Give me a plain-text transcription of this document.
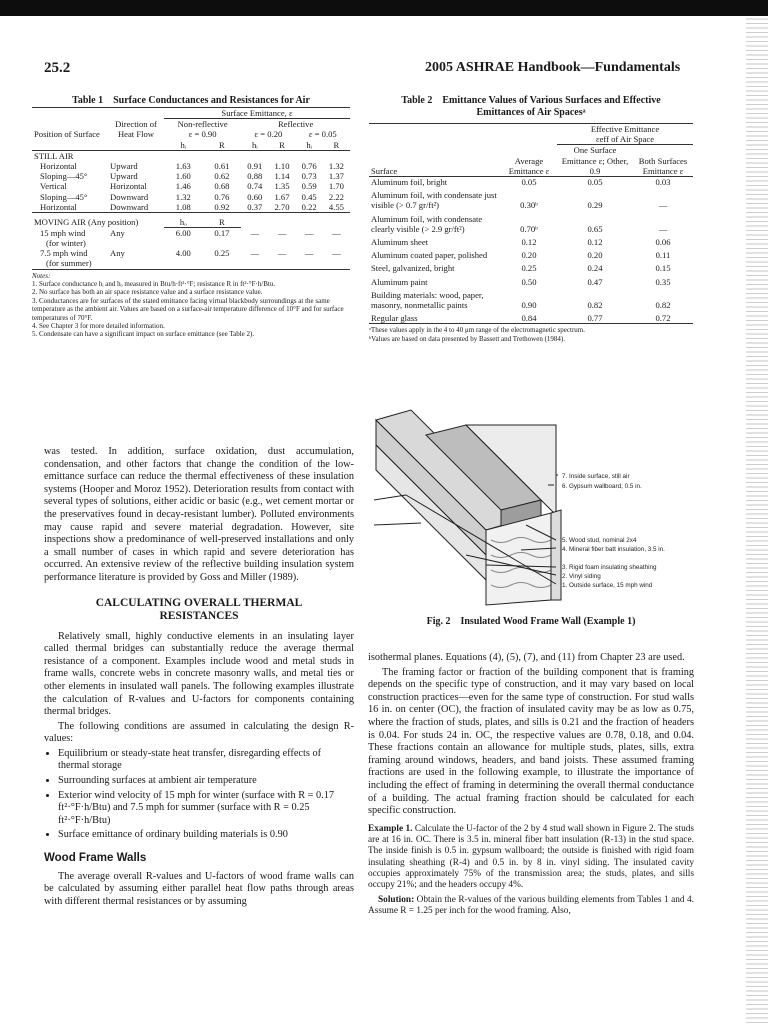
25.2	2005 ASHRAE Handbook—Fundamentals
Table 1 Surface Conductances and Resistances for Air
		Surface Emittance, ε					
Position of Surface	Direction of Heat Flow	Non-reflective		Reflective			
		ε = 0.90		ε = 0.20		ε = 0.05	
		hᵢ	R	hᵢ	R	hᵢ	R
STILL AIR							
Horizontal	Upward	1.63	0.61	0.91	1.10	0.76	1.32
Sloping—45°	Upward	1.60	0.62	0.88	1.14	0.73	1.37
Vertical	Horizontal	1.46	0.68	0.74	1.35	0.59	1.70
Sloping—45°	Downward	1.32	0.76	0.60	1.67	0.45	2.22
Horizontal	Downward	1.08	0.92	0.37	2.70	0.22	4.55
MOVING AIR (Any position)		hₒ	R				
15 mph wind	Any	6.00	0.17	—	—	—	—
(for winter)							
7.5 mph wind	Any	4.00	0.25	—	—	—	—
(for summer)							
Notes:
1. Surface conductance hᵢ and hₒ measured in Btu/h·ft²·°F; resistance R in ft²·°F·h/Btu.
2. No surface has both an air space resistance value and a surface resistance value.
3. Conductances are for surfaces of the stated emittance facing virtual blackbody surroundings at the same temperature as the ambient air. Values are based on a surface-air temperature difference of 10°F and for surface temperatures of 70°F.
4. See Chapter 3 for more detailed information.
5. Condensate can have a significant impact on surface emittance (see Table 2).
Table 2 Emittance Values of Various Surfaces and Effective
Emittances of Air Spacesᵃ

		Effective Emittance
εeff of Air Space	

Surface	Average Emittance ε	One Surface Emittance ε; Other, 0.9	Both Surfaces Emittance ε
Aluminum foil, bright	0.05	0.05	0.03
Aluminum foil, with condensate just visible (> 0.7 gr/ft²)	0.30ᵇ	0.29	—
Aluminum foil, with condensate clearly visible (> 2.9 gr/ft²)	0.70ᵇ	0.65	—
Aluminum sheet	0.12	0.12	0.06
Aluminum coated paper, polished	0.20	0.20	0.11
Steel, galvanized, bright	0.25	0.24	0.15
Aluminum paint	0.50	0.47	0.35
Building materials: wood, paper, masonry, nonmetallic paints	0.90	0.82	0.82
Regular glass	0.84	0.77	0.72
ᵃThese values apply in the 4 to 40 μm range of the electromagnetic spectrum.
ᵇValues are based on data presented by Bassett and Trethowen (1984).
7. Inside surface, still air
6. Gypsum wallboard, 0.5 in.
5. Wood stud, nominal 2x4
4. Mineral fiber batt insulation, 3.5 in.
3. Rigid foam insulating sheathing
2. Vinyl siding
1. Outside surface, 15 mph wind
Fig. 2 Insulated Wood Frame Wall (Example 1)

was tested. In addition, surface oxidation, dust accumulation, condensation, and other factors that change the condition of the low-emittance surface can reduce the thermal effectiveness of these insulation systems (Hooper and Moroz 1952). Deterioration results from contact with several types of solutions, either acidic or basic (e.g., wet cement mortar or the preservatives found in decay-resistant lumber). Polluted environments may cause rapid and severe material degradation. However, site inspections show a predominance of well-preserved installations and only a small number of cases in which rapid and severe deterioration has occurred. An extensive review of the reflective building insulation system performance literature is provided by Goss and Miller (1989).

CALCULATING OVERALL THERMAL
RESISTANCES

Relatively small, highly conductive elements in an insulating layer called thermal bridges can substantially reduce the average thermal resistance of a component. Examples include wood and metal studs in frame walls, concrete webs in concrete masonry walls, and metal ties or other elements in insulated wall panels. The following examples illustrate the calculation of R-values and U-factors for components containing thermal bridges.

The following conditions are assumed in calculating the design R-values:

• Equilibrium or steady-state heat transfer, disregarding effects of thermal storage
• Surrounding surfaces at ambient air temperature
• Exterior wind velocity of 15 mph for winter (surface with R = 0.17 ft²·°F·h/Btu) and 7.5 mph for summer (surface with R = 0.25 ft²·°F·h/Btu)
• Surface emittance of ordinary building materials is 0.90
Wood Frame Walls

The average overall R-values and U-factors of wood frame walls can be calculated by assuming either parallel heat flow paths through areas with different thermal resistances or by assuming

isothermal planes. Equations (4), (5), (7), and (11) from Chapter 23 are used.

The framing factor or fraction of the building component that is framing depends on the specific type of construction, and it may vary based on local construction practices—even for the same type of construction. For stud walls 16 in. on center (OC), the fraction of insulated cavity may be as low as 0.75, where the fraction of studs, plates, and sills is 0.21 and the fraction of headers is 0.04. For studs 24 in. OC, the respective values are 0.78, 0.18, and 0.04. These fractions contain an allowance for multiple studs, plates, sills, extra framing around windows, headers, and band joists. These assumed framing fractions are used in the following example, to illustrate the importance of including the effect of framing in determining the overall thermal conductance of a building. The actual framing fraction should be calculated for each specific construction.

Example 1. Calculate the U-factor of the 2 by 4 stud wall shown in Figure 2. The studs are at 16 in. OC. There is 3.5 in. mineral fiber batt insulation (R-13) in the stud space. The inside finish is 0.5 in. gypsum wallboard; the outside is finished with rigid foam insulating sheathing (R-4) and 0.5 in. by 8 in. vinyl siding. The insulated cavity occupies approximately 75% of the transmission area; the studs, plates, and sills occupy 21%; and the headers occupy 4%.

Solution: Obtain the R-values of the various building elements from Tables 1 and 4. Assume R = 1.25 per inch for the wood framing. Also,
